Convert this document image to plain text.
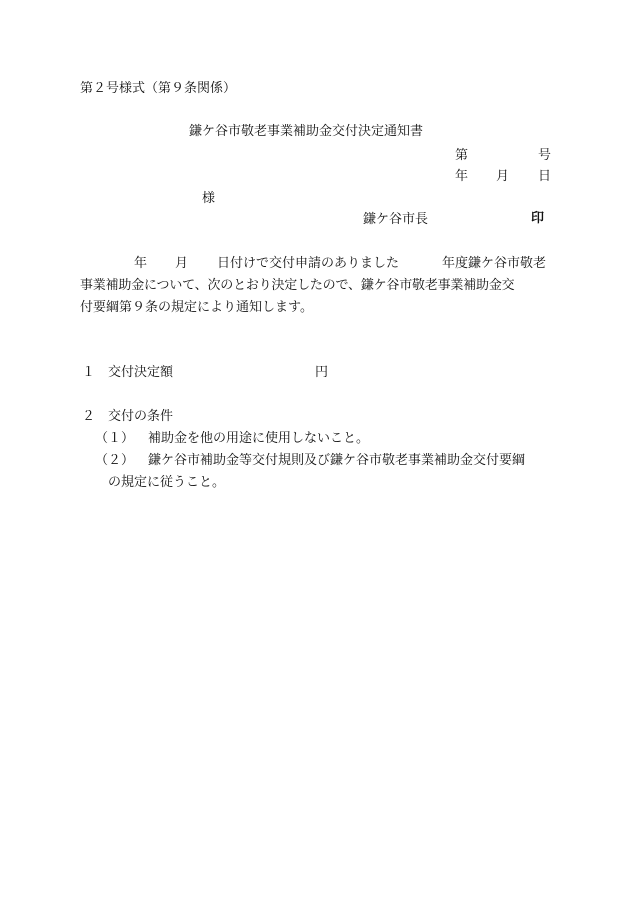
第２号様式（第９条関係）
鎌ケ谷市敬老事業補助金交付決定通知書
第	号
年 月 日
様
鎌ケ谷市長	印
年 月 日付けで交付申請のありました	年度鎌ケ谷市敬老
事業補助金について、次のとおり決定したので、鎌ケ谷市敬老事業補助金交
付要綱第９条の規定により通知します。
１ 交付決定額	円
２ 交付の条件
（１） 補助金を他の用途に使用しないこと。
（２） 鎌ケ谷市補助金等交付規則及び鎌ケ谷市敬老事業補助金交付要綱
の規定に従うこと。
